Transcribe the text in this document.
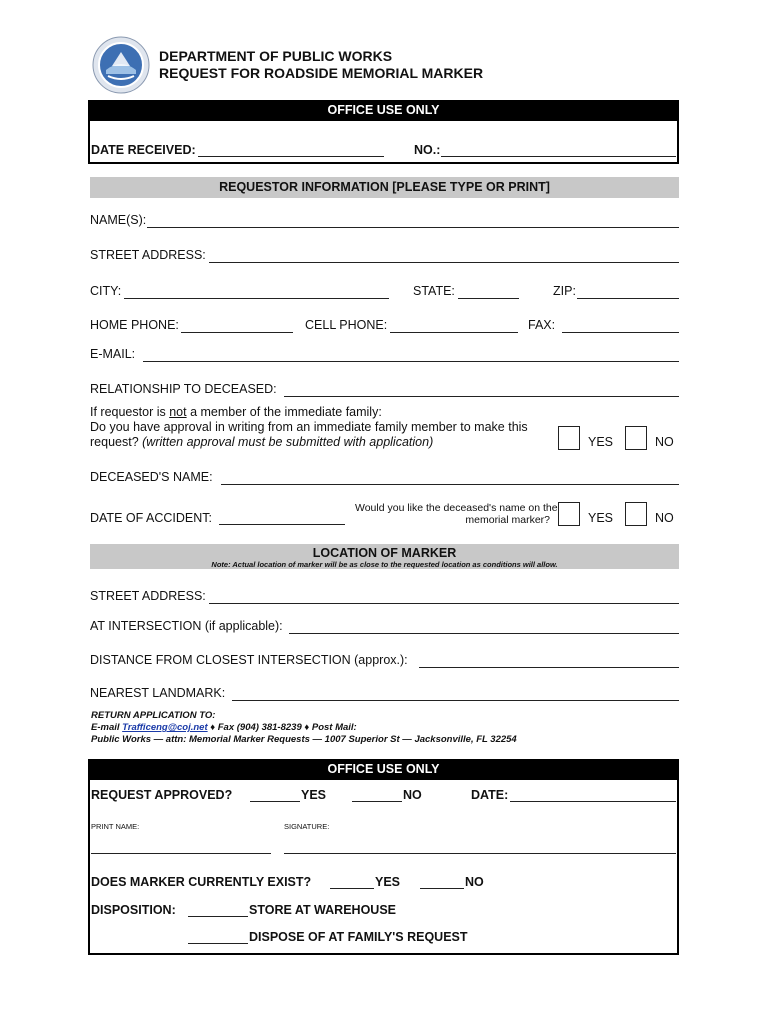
DEPARTMENT OF PUBLIC WORKS
REQUEST FOR ROADSIDE MEMORIAL MARKER
OFFICE USE ONLY
DATE RECEIVED:	NO.:
REQUESTOR INFORMATION [PLEASE TYPE OR PRINT]
NAME(S):
STREET ADDRESS:
CITY:	STATE:	ZIP:
HOME PHONE:	CELL PHONE:	FAX:
E-MAIL:
RELATIONSHIP TO DECEASED:
If requestor is not a member of the immediate family:
Do you have approval in writing from an immediate family member to make this
request? (written approval must be submitted with application)	YES	NO
DECEASED'S NAME:
DATE OF ACCIDENT:
Would you like the deceased's name on the
memorial marker?	YES	NO
LOCATION OF MARKER
Note: Actual location of marker will be as close to the requested location as conditions will allow.
STREET ADDRESS:
AT INTERSECTION (if applicable):
DISTANCE FROM CLOSEST INTERSECTION (approx.):
NEAREST LANDMARK:
RETURN APPLICATION TO:
E-mail Trafficeng@coj.net ♦ Fax (904) 381-8239 ♦ Post Mail:
Public Works — attn: Memorial Marker Requests — 1007 Superior St — Jacksonville, FL 32254
OFFICE USE ONLY
REQUEST APPROVED?	YES	NO	DATE:
PRINT NAME:	SIGNATURE:
DOES MARKER CURRENTLY EXIST?	YES	NO
DISPOSITION:	STORE AT WAREHOUSE
DISPOSE OF AT FAMILY'S REQUEST
